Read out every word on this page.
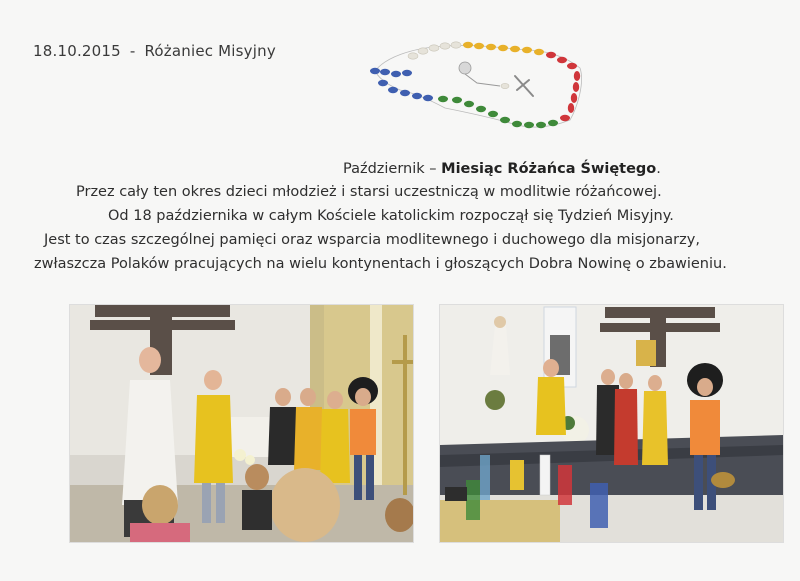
18.10.2015 - Różaniec Misyjny
Październik – Miesiąc Różańca Świętego.
Przez cały ten okres dzieci młodzież i starsi uczestniczą w modlitwie różańcowej.
Od 18 października w całym Kościele katolickim rozpoczął się Tydzień Misyjny.
Jest to czas szczególnej pamięci oraz wsparcia modlitewnego i duchowego dla misjonarzy,
zwłaszcza Polaków pracujących na wielu kontynentach i głoszących Dobra Nowinę o zbawieniu.
